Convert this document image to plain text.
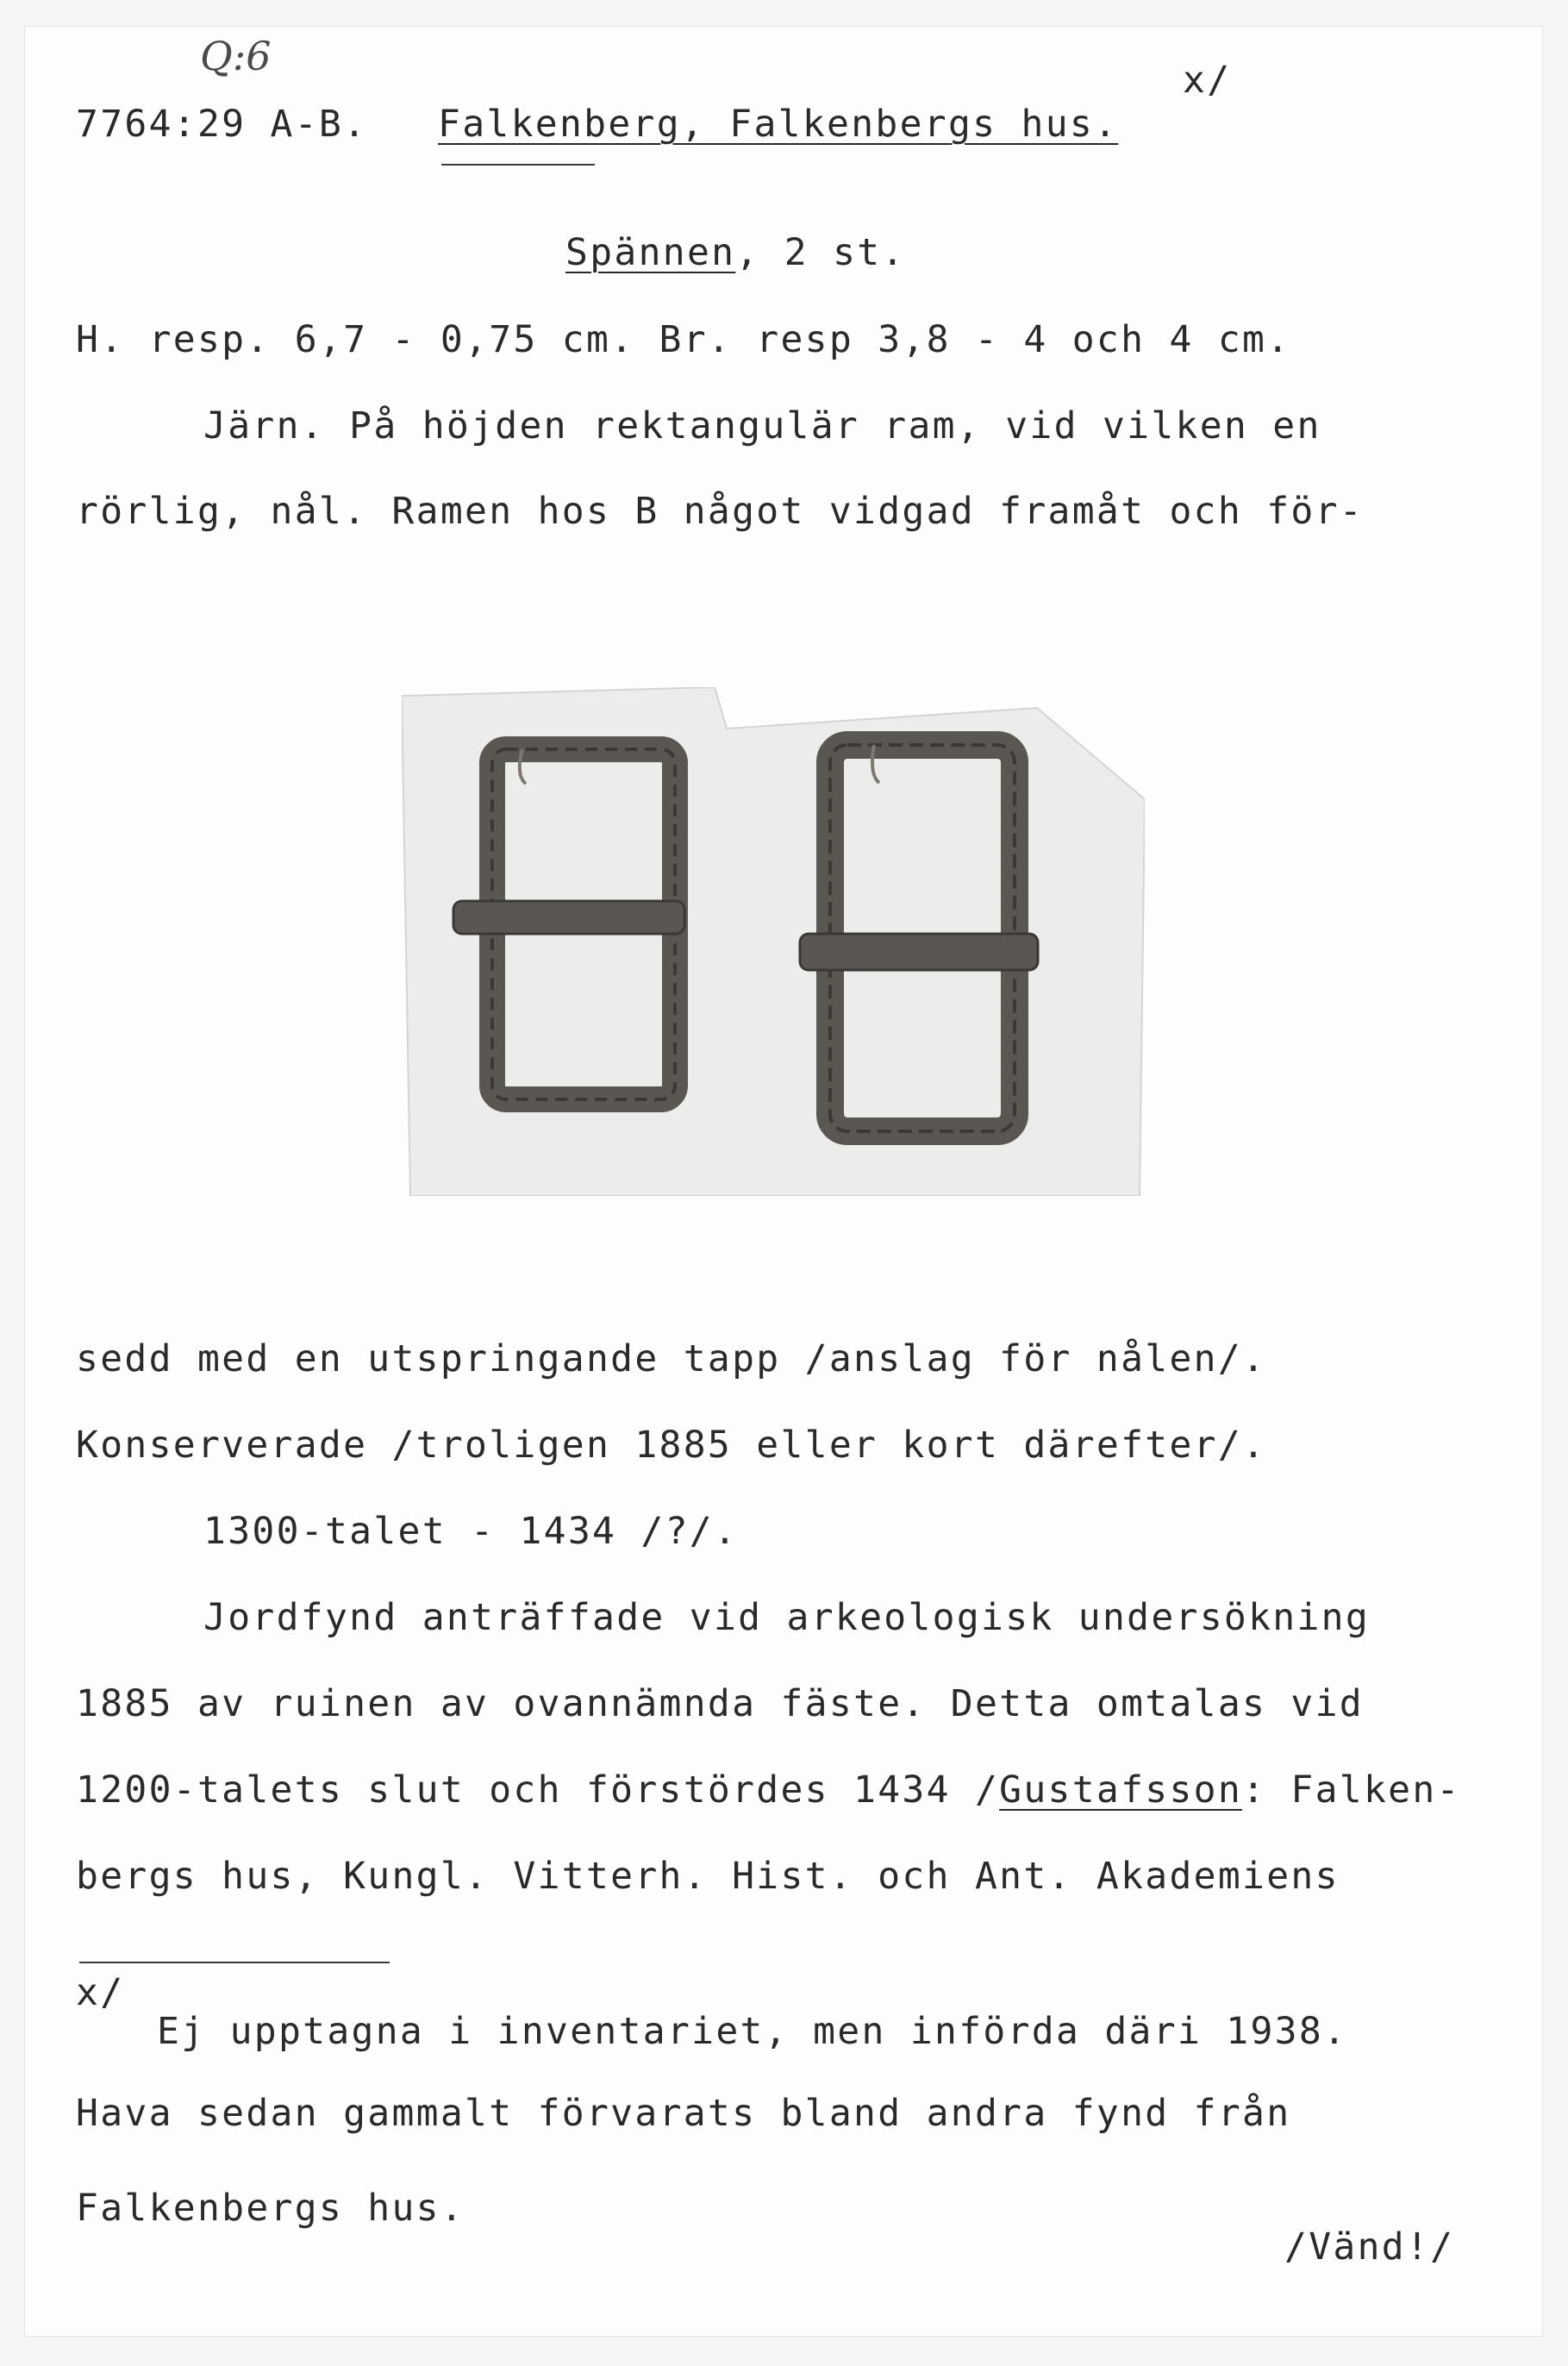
Q:6
x/
7764:29 A-B. Falkenberg, Falkenbergs hus.
Spännen, 2 st.
H. resp. 6,7 - 0,75 cm. Br. resp 3,8 - 4 och 4 cm.
Järn. På höjden rektangulär ram, vid vilken en
rörlig, nål. Ramen hos B något vidgad framåt och för-
sedd med en utspringande tapp /anslag för nålen/.
Konserverade /troligen 1885 eller kort därefter/.
1300-talet - 1434 /?/.
Jordfynd anträffade vid arkeologisk undersökning
1885 av ruinen av ovannämnda fäste. Detta omtalas vid
1200-talets slut och förstördes 1434 /Gustafsson: Falken-
bergs hus, Kungl. Vitterh. Hist. och Ant. Akademiens
x/
Ej upptagna i inventariet, men införda däri 1938.
Hava sedan gammalt förvarats bland andra fynd från
Falkenbergs hus.
/Vänd!/
